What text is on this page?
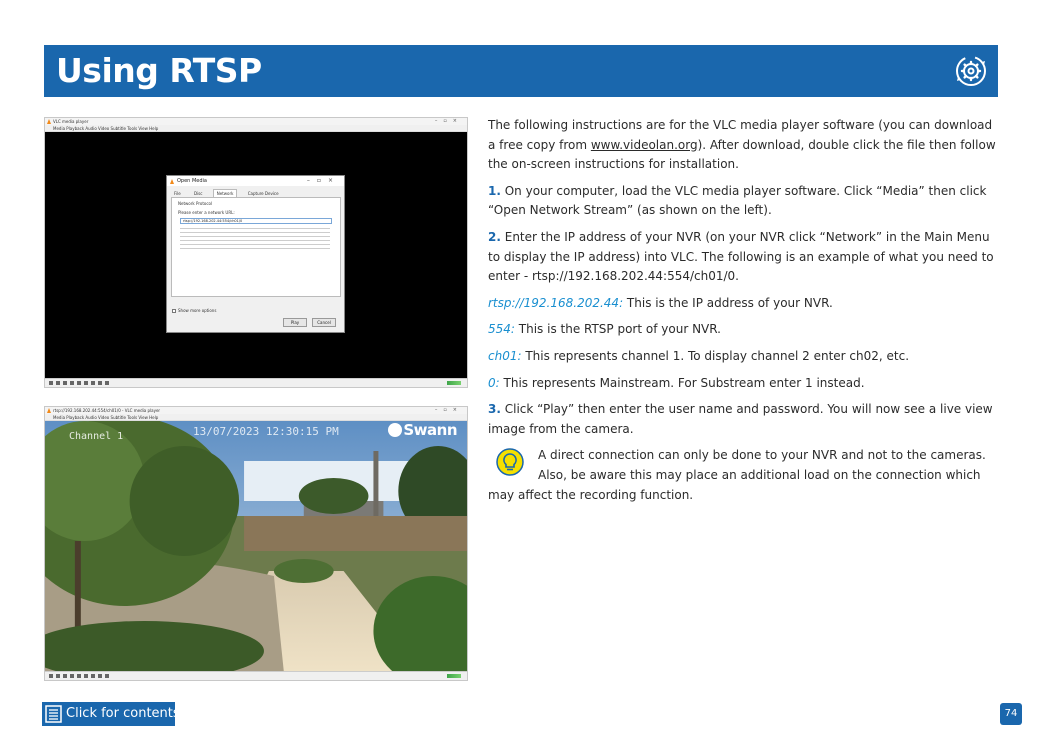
Using RTSP
VLC media player	–▫×
Media Playback Audio Video Subtitle Tools View Help
Open Media	–▫×
File	Disc	Network	Capture Device
Network Protocol
Please enter a network URL:
rtsp://192.168.202.44:554/ch01/0
Show more options
Play	Cancel
rtsp://192.168.202.44:554/ch01/0 - VLC media player	–▫×
Media Playback Audio Video Subtitle Tools View Help
Channel 1	13/07/2023 12:30:15 PM	Swann

The following instructions are for the VLC media player software (you can download a free copy from www.videolan.org). After download, double click the file then follow the on-screen instructions for installation.

1. On your computer, load the VLC media player software. Click “Media” then click “Open Network Stream” (as shown on the left).

2. Enter the IP address of your NVR (on your NVR click “Network” in the Main Menu to display the IP address) into VLC. The following is an example of what you need to enter - rtsp://192.168.202.44:554/ch01/0.

rtsp://192.168.202.44: This is the IP address of your NVR.

554: This is the RTSP port of your NVR.

ch01: This represents channel 1. To display channel 2 enter ch02, etc.

0: This represents Mainstream. For Substream enter 1 instead.

3. Click “Play” then enter the user name and password. You will now see a live view image from the camera.

A direct connection can only be done to your NVR and not to the cameras.
Also, be aware this may place an additional load on the connection which

may affect the recording function.
Click for contents	74
